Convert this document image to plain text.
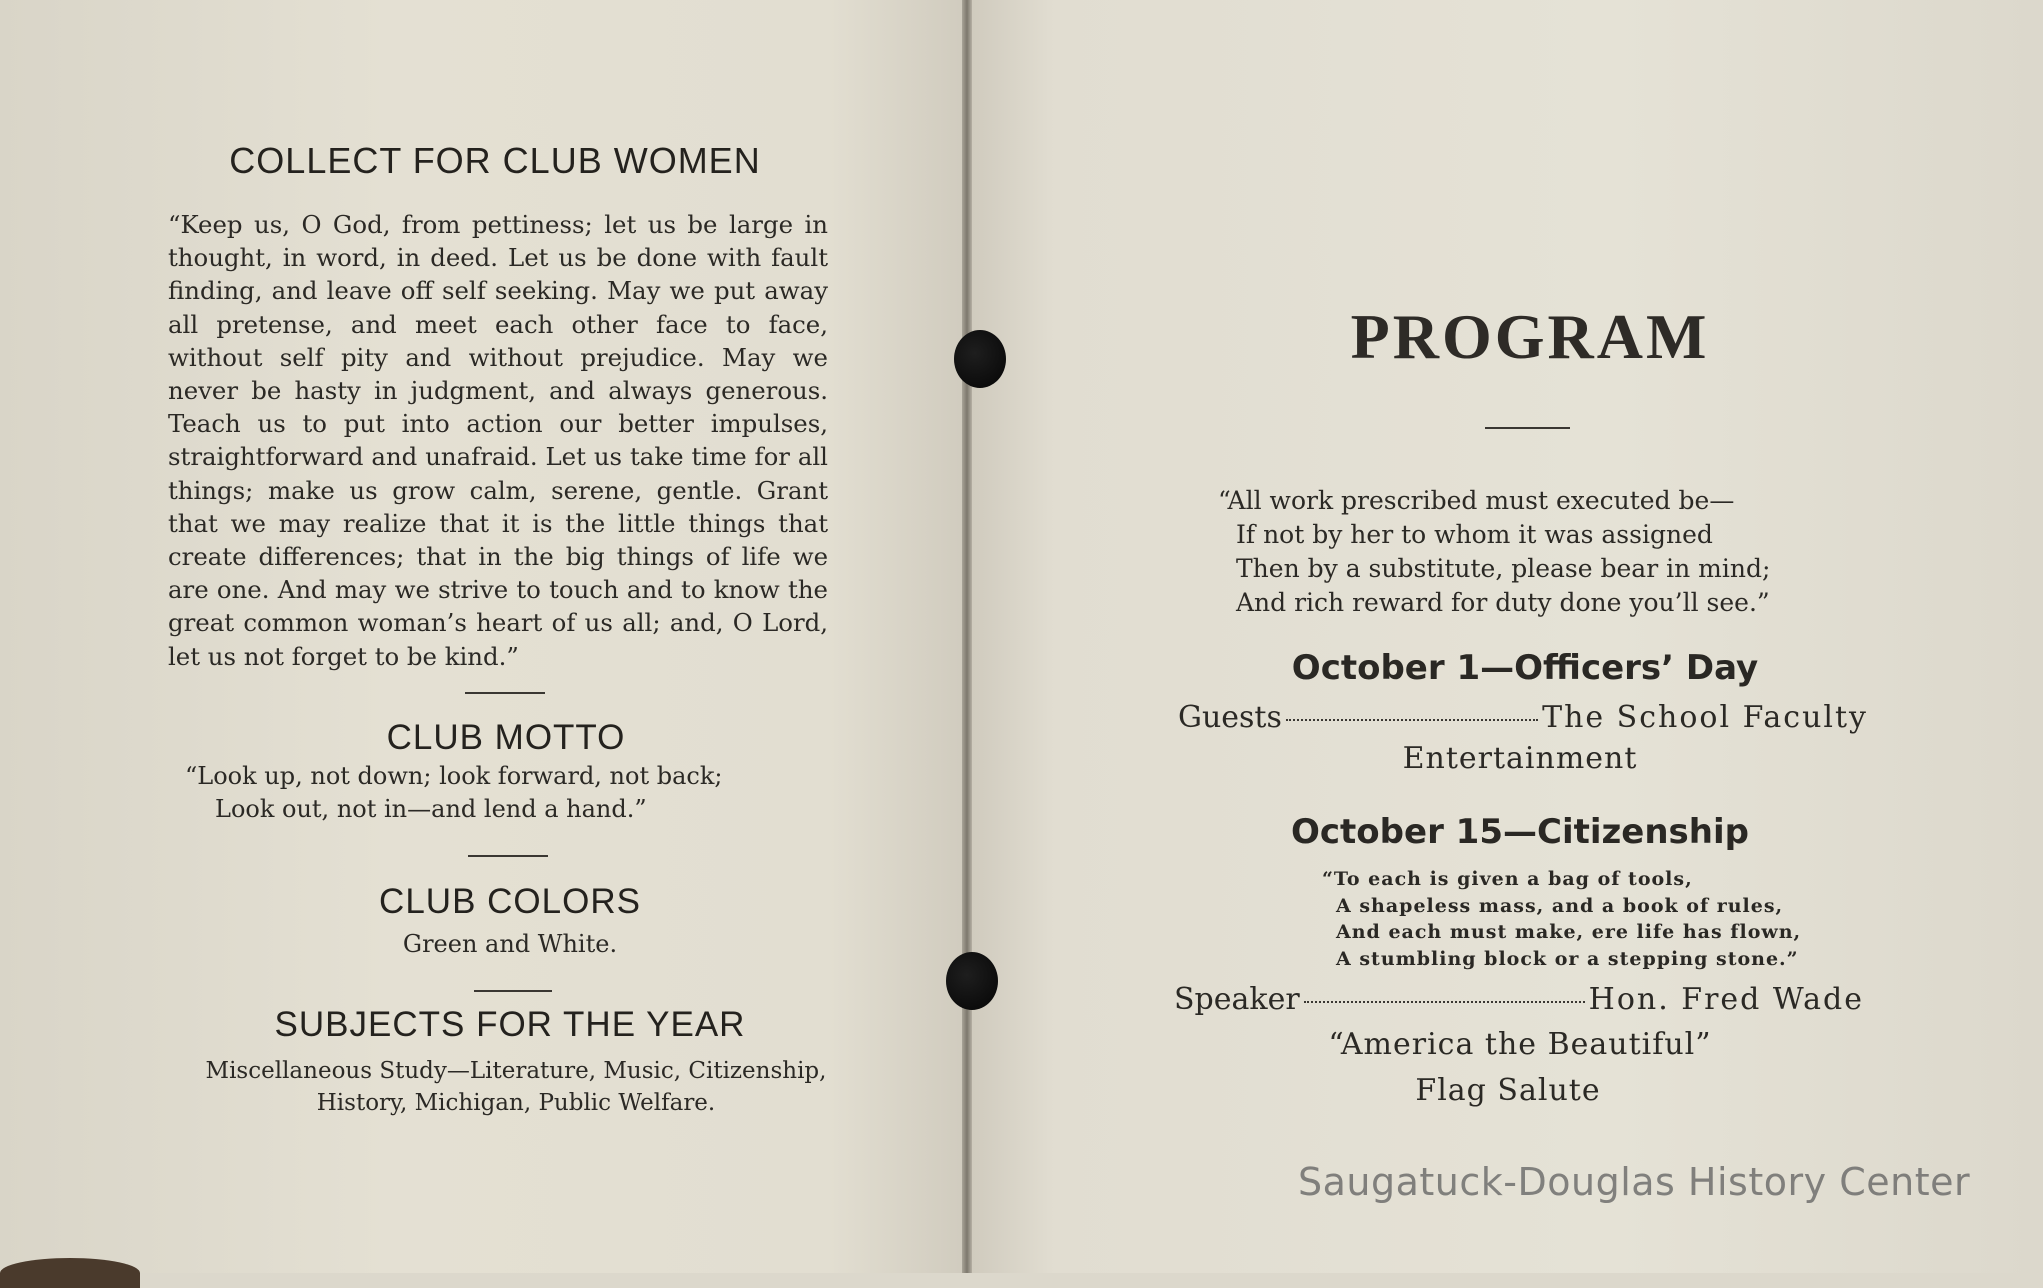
COLLECT FOR CLUB WOMEN

“Keep us, O God, from pettiness; let us be large in thought, in word, in deed. Let us be done with fault finding, and leave off self seeking. May we put away all pretense, and meet each other face to face, without self pity and without prejudice. May we never be hasty in judgment, and always generous. Teach us to put into action our better impulses, straightforward and unafraid. Let us take time for all things; make us grow calm, serene, gentle. Grant that we may realize that it is the little things that create differences; that in the big things of life we are one. And may we strive to touch and to know the great common woman’s heart of us all; and, O Lord, let us not forget to be kind.”

CLUB MOTTO

“Look up, not down; look forward, not back;
Look out, not in—and lend a hand.”

CLUB COLORS

Green and White.

SUBJECTS FOR THE YEAR

Miscellaneous Study—Literature, Music, Citizenship, History, Michigan, Public Welfare.

PROGRAM

“All work prescribed must executed be—
If not by her to whom it was assigned
Then by a substitute, please bear in mind;
And rich reward for duty done you’ll see.”

October 1—Officers’ Day

Guests	The School Faculty

Entertainment

October 15—Citizenship

“To each is given a bag of tools,
A shapeless mass, and a book of rules,
And each must make, ere life has flown,
A stumbling block or a stepping stone.”

Speaker	Hon. Fred Wade

“America the Beautiful”

Flag Salute

Saugatuck-Douglas History Center
